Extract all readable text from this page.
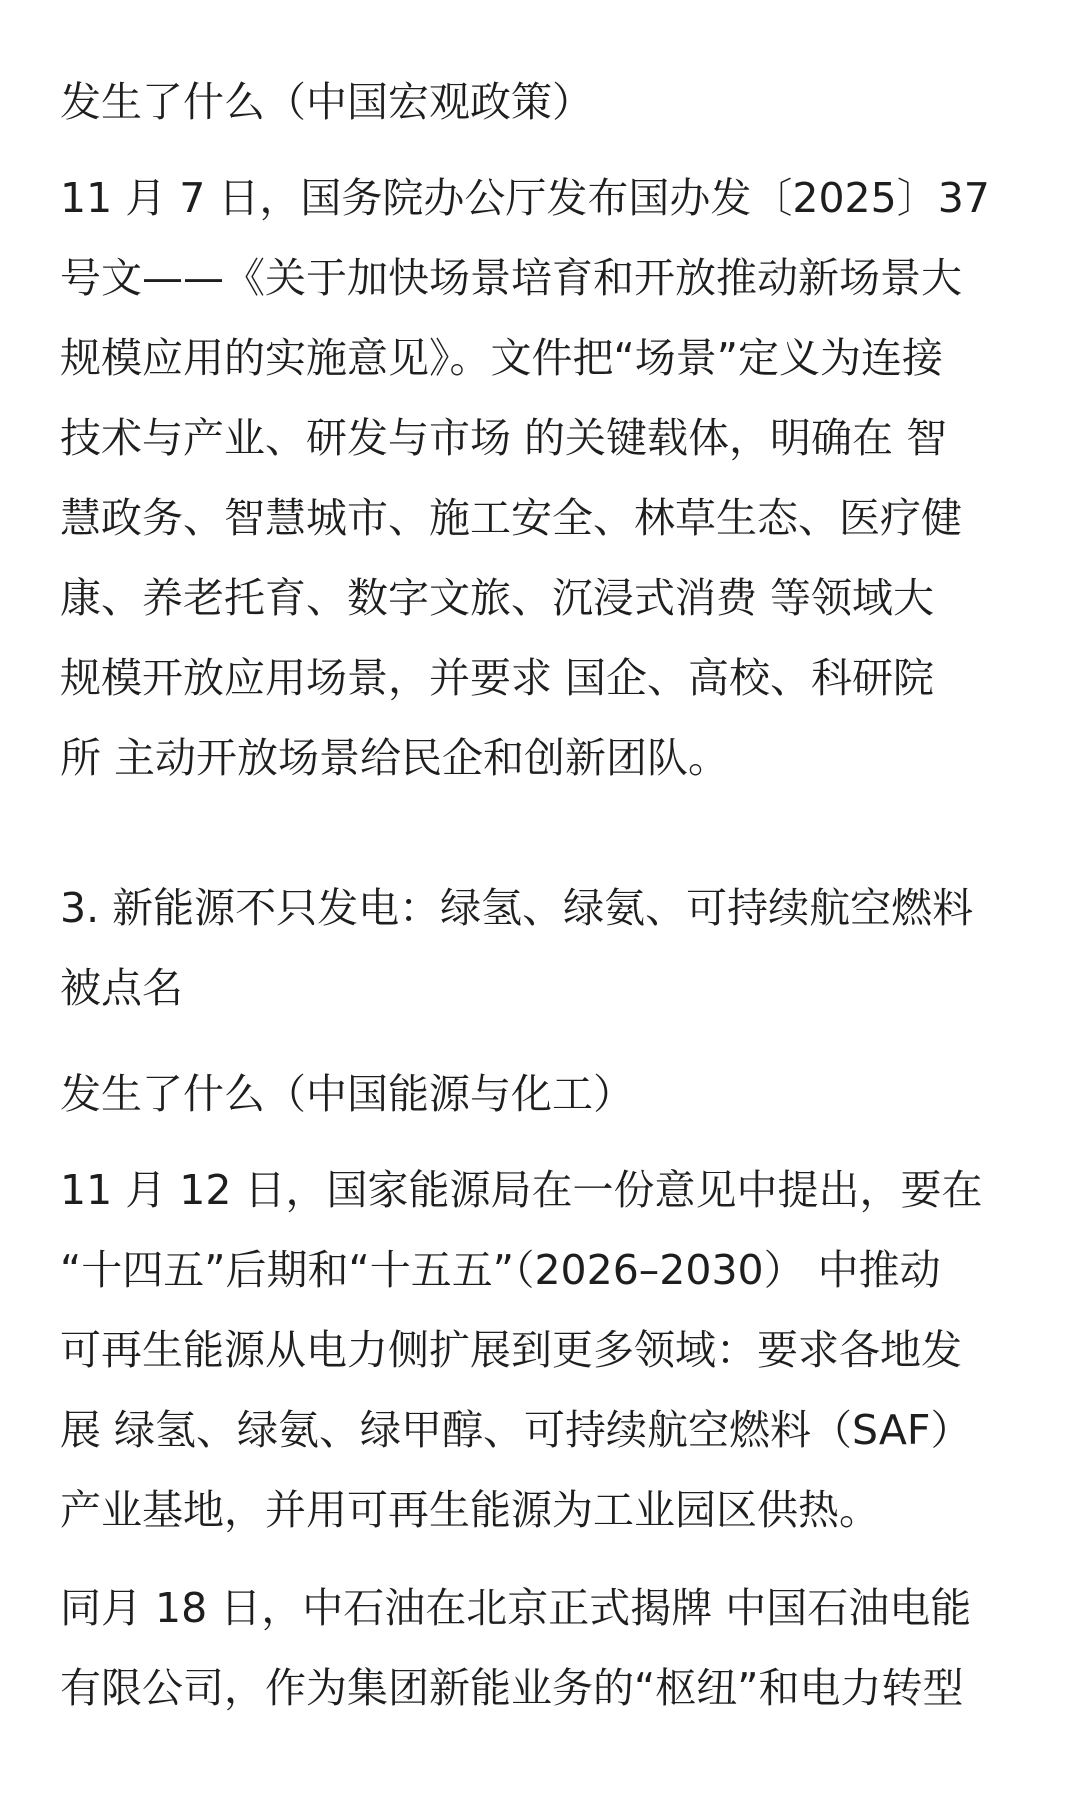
发生了什么（中国宏观政策）
11 月 7 日，国务院办公厅发布国办发〔2025〕37
号文——《关于加快场景培育和开放推动新场景大
规模应用的实施意见》。文件把“场景”定义为连接
技术与产业、研发与市场 的关键载体，明确在 智
慧政务、智慧城市、施工安全、林草生态、医疗健
康、养老托育、数字文旅、沉浸式消费 等领域大
规模开放应用场景，并要求 国企、高校、科研院
所 主动开放场景给民企和创新团队。
3. 新能源不只发电：绿氢、绿氨、可持续航空燃料
被点名
发生了什么（中国能源与化工）
11 月 12 日，国家能源局在一份意见中提出，要在
“十四五”后期和“十五五”（2026–2030） 中推动
可再生能源从电力侧扩展到更多领域：要求各地发
展 绿氢、绿氨、绿甲醇、可持续航空燃料（SAF）
产业基地，并用可再生能源为工业园区供热。
同月 18 日，中石油在北京正式揭牌 中国石油电能
有限公司，作为集团新能业务的“枢纽”和电力转型
